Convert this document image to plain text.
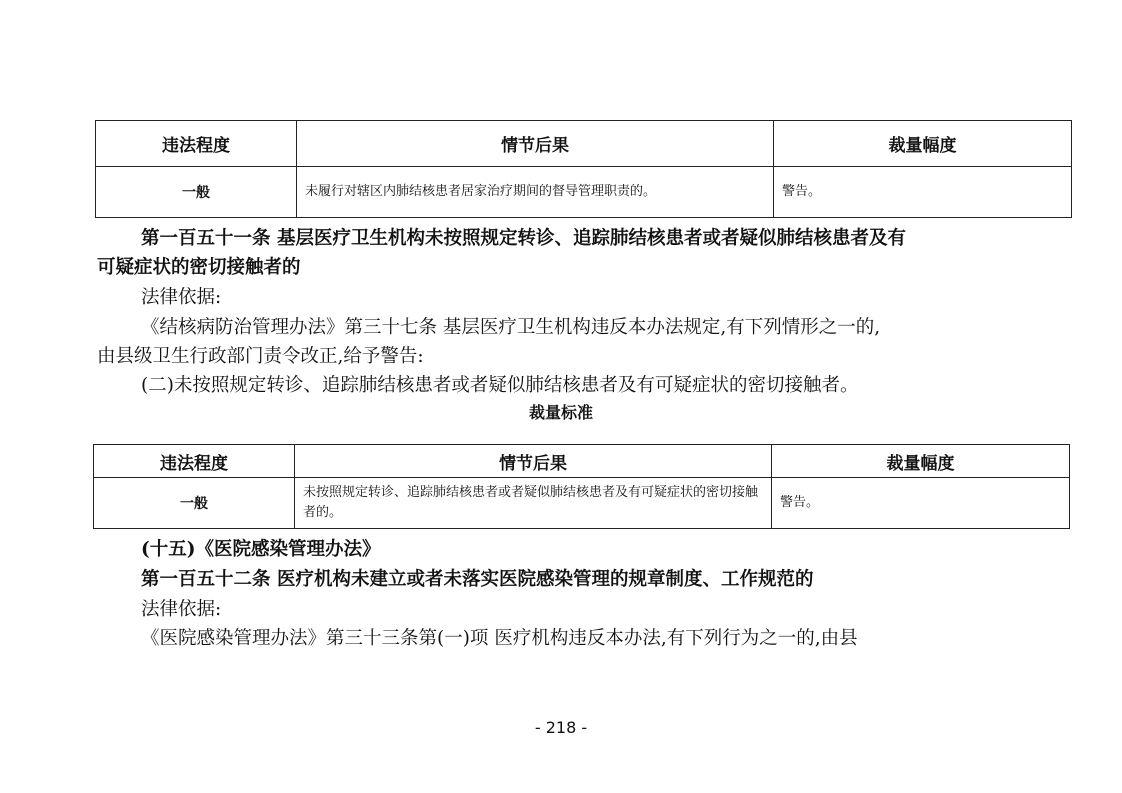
违法程度	情节后果	裁量幅度
一般	未履行对辖区内肺结核患者居家治疗期间的督导管理职责的。	警告。
第一百五十一条 基层医疗卫生机构未按照规定转诊、追踪肺结核患者或者疑似肺结核患者及有
可疑症状的密切接触者的
法律依据:
《结核病防治管理办法》第三十七条 基层医疗卫生机构违反本办法规定,有下列情形之一的,
由县级卫生行政部门责令改正,给予警告:
(二)未按照规定转诊、追踪肺结核患者或者疑似肺结核患者及有可疑症状的密切接触者。
裁量标准
违法程度	情节后果	裁量幅度
一般	未按照规定转诊、追踪肺结核患者或者疑似肺结核患者及有可疑症状的密切接触者的。	警告。
(十五)《医院感染管理办法》
第一百五十二条 医疗机构未建立或者未落实医院感染管理的规章制度、工作规范的
法律依据:
《医院感染管理办法》第三十三条第(一)项 医疗机构违反本办法,有下列行为之一的,由县
- 218 -
